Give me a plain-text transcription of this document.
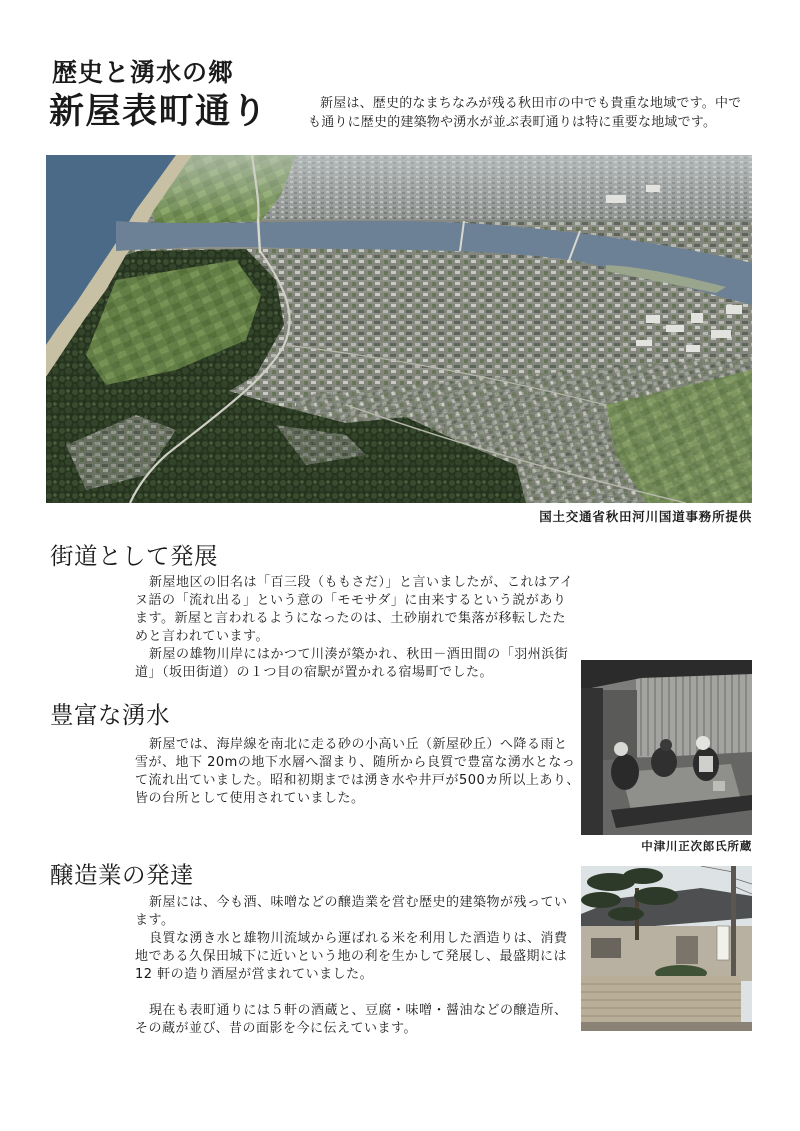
歴史と湧水の郷
新屋表町通り	新屋は、歴史的なまちなみが残る秋田市の中でも貴重な地域です。中で
も通りに歴史的建築物や湧水が並ぶ表町通りは特に重要な地域です。
国土交通省秋田河川国道事務所提供
街道として発展
新屋地区の旧名は「百三段（ももさだ）」と言いましたが、これはアイ
ヌ語の「流れ出る」という意の「モモサダ」に由来するという説があり
ます。新屋と言われるようになったのは、土砂崩れで集落が移転したた
めと言われています。
新屋の雄物川岸にはかつて川湊が築かれ、秋田－酒田間の「羽州浜街
道」（坂田街道）の１つ目の宿駅が置かれる宿場町でした。
中津川正次郎氏所蔵
豊富な湧水
新屋では、海岸線を南北に走る砂の小高い丘（新屋砂丘）へ降る雨と
雪が、地下 20mの地下水層へ溜まり、随所から良質で豊富な湧水となっ
て流れ出ていました。昭和初期までは湧き水や井戸が500カ所以上あり、
皆の台所として使用されていました。
醸造業の発達
新屋には、今も酒、味噌などの醸造業を営む歴史的建築物が残ってい
ます。
良質な湧き水と雄物川流域から運ばれる米を利用した酒造りは、消費
地である久保田城下に近いという地の利を生かして発展し、最盛期には
12 軒の造り酒屋が営まれていました。
現在も表町通りには５軒の酒蔵と、豆腐・味噌・醤油などの醸造所、
その蔵が並び、昔の面影を今に伝えています。
